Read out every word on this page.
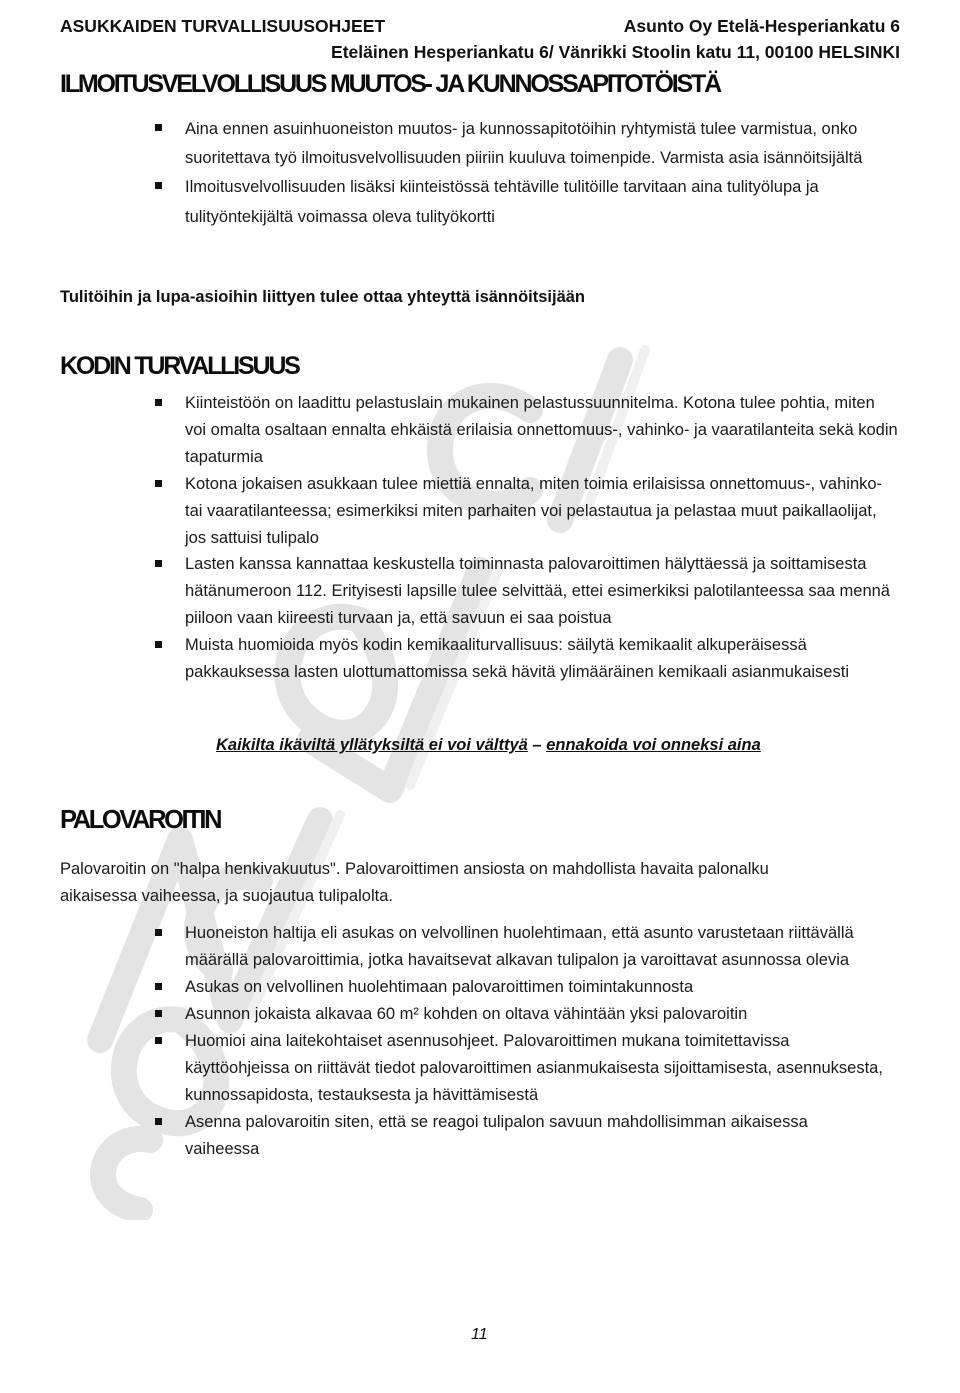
ASUKKAIDEN TURVALLISUUSOHJEET	Asunto Oy Etelä-Hesperiankatu 6
Eteläinen Hesperiankatu 6/ Vänrikki Stoolin katu 11, 00100 HELSINKI
ILMOITUSVELVOLLISUUS MUUTOS- JA KUNNOSSAPITOTÖISTÄ
Aina ennen asuinhuoneiston muutos- ja kunnossapitotöihin ryhtymistä tulee varmistua, onko suoritettava työ ilmoitusvelvollisuuden piiriin kuuluva toimenpide. Varmista asia isännöitsijältä
Ilmoitusvelvollisuuden lisäksi kiinteistössä tehtäville tulitöille tarvitaan aina tulityölupa ja tulityöntekijältä voimassa oleva tulityökortti
Tulitöihin ja lupa-asioihin liittyen tulee ottaa yhteyttä isännöitsijään
KODIN TURVALLISUUS
Kiinteistöön on laadittu pelastuslain mukainen pelastussuunnitelma. Kotona tulee pohtia, miten voi omalta osaltaan ennalta ehkäistä erilaisia onnettomuus-, vahinko- ja vaaratilanteita sekä kodin tapaturmia
Kotona jokaisen asukkaan tulee miettiä ennalta, miten toimia erilaisissa onnettomuus-, vahinko- tai vaaratilanteessa; esimerkiksi miten parhaiten voi pelastautua ja pelastaa muut paikallaolijat, jos sattuisi tulipalo
Lasten kanssa kannattaa keskustella toiminnasta palovaroittimen hälyttäessä ja soittamisesta hätänumeroon 112. Erityisesti lapsille tulee selvittää, ettei esimerkiksi palotilanteessa saa mennä piiloon vaan kiireesti turvaan ja, että savuun ei saa poistua
Muista huomioida myös kodin kemikaaliturvallisuus: säilytä kemikaalit alkuperäisessä pakkauksessa lasten ulottumattomissa sekä hävitä ylimääräinen kemikaali asianmukaisesti
Kaikilta ikäviltä yllätyksiltä ei voi välttyä – ennakoida voi onneksi aina
PALOVAROITIN
Palovaroitin on "halpa henkivakuutus". Palovaroittimen ansiosta on mahdollista havaita palonalku aikaisessa vaiheessa, ja suojautua tulipalolta.
Huoneiston haltija eli asukas on velvollinen huolehtimaan, että asunto varustetaan riittävällä määrällä palovaroittimia, jotka havaitsevat alkavan tulipalon ja varoittavat asunnossa olevia
Asukas on velvollinen huolehtimaan palovaroittimen toimintakunnosta
Asunnon jokaista alkavaa 60 m² kohden on oltava vähintään yksi palovaroitin
Huomioi aina laitekohtaiset asennusohjeet. Palovaroittimen mukana toimitettavissa käyttöohjeissa on riittävät tiedot palovaroittimen asianmukaisesta sijoittamisesta, asennuksesta, kunnossapidosta, testauksesta ja hävittämisestä
Asenna palovaroitin siten, että se reagoi tulipalon savuun mahdollisimman aikaisessa vaiheessa
11
